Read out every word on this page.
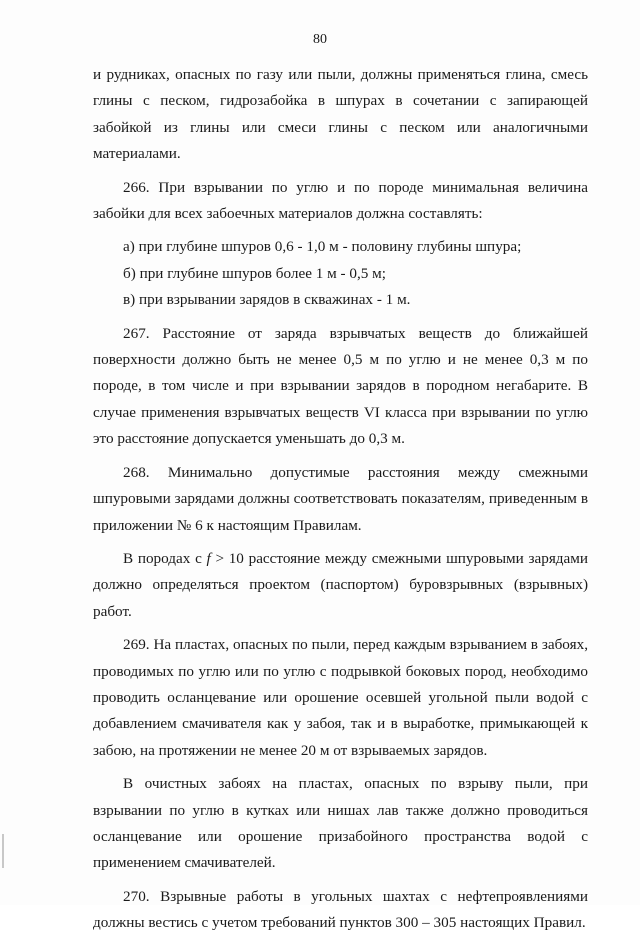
80

и рудниках, опасных по газу или пыли, должны применяться глина, смесь глины с песком, гидрозабойка в шпурах в сочетании с запирающей забойкой из глины или смеси глины с песком или аналогичными материалами.

266. При взрывании по углю и по породе минимальная величина забойки для всех забоечных материалов должна составлять:

а) при глубине шпуров 0,6 - 1,0 м - половину глубины шпура;

б) при глубине шпуров более 1 м - 0,5 м;

в) при взрывании зарядов в скважинах - 1 м.

267. Расстояние от заряда взрывчатых веществ до ближайшей поверхности должно быть не менее 0,5 м по углю и не менее 0,3 м по породе, в том числе и при взрывании зарядов в породном негабарите. В случае применения взрывчатых веществ VI класса при взрывании по углю это расстояние допускается уменьшать до 0,3 м.

268. Минимально допустимые расстояния между смежными шпуровыми зарядами должны соответствовать показателям, приведенным в приложении № 6 к настоящим Правилам.

В породах с f > 10 расстояние между смежными шпуровыми зарядами должно определяться проектом (паспортом) буровзрывных (взрывных) работ.

269. На пластах, опасных по пыли, перед каждым взрыванием в забоях, проводимых по углю или по углю с подрывкой боковых пород, необходимо проводить осланцевание или орошение осевшей угольной пыли водой с добавлением смачивателя как у забоя, так и в выработке, примыкающей к забою, на протяжении не менее 20 м от взрываемых зарядов.

В очистных забоях на пластах, опасных по взрыву пыли, при взрывании по углю в кутках или нишах лав также должно проводиться осланцевание или орошение призабойного пространства водой с применением смачивателей.

270. Взрывные работы в угольных шахтах с нефтепроявлениями должны вестись с учетом требований пунктов 300 – 305 настоящих Правил.
